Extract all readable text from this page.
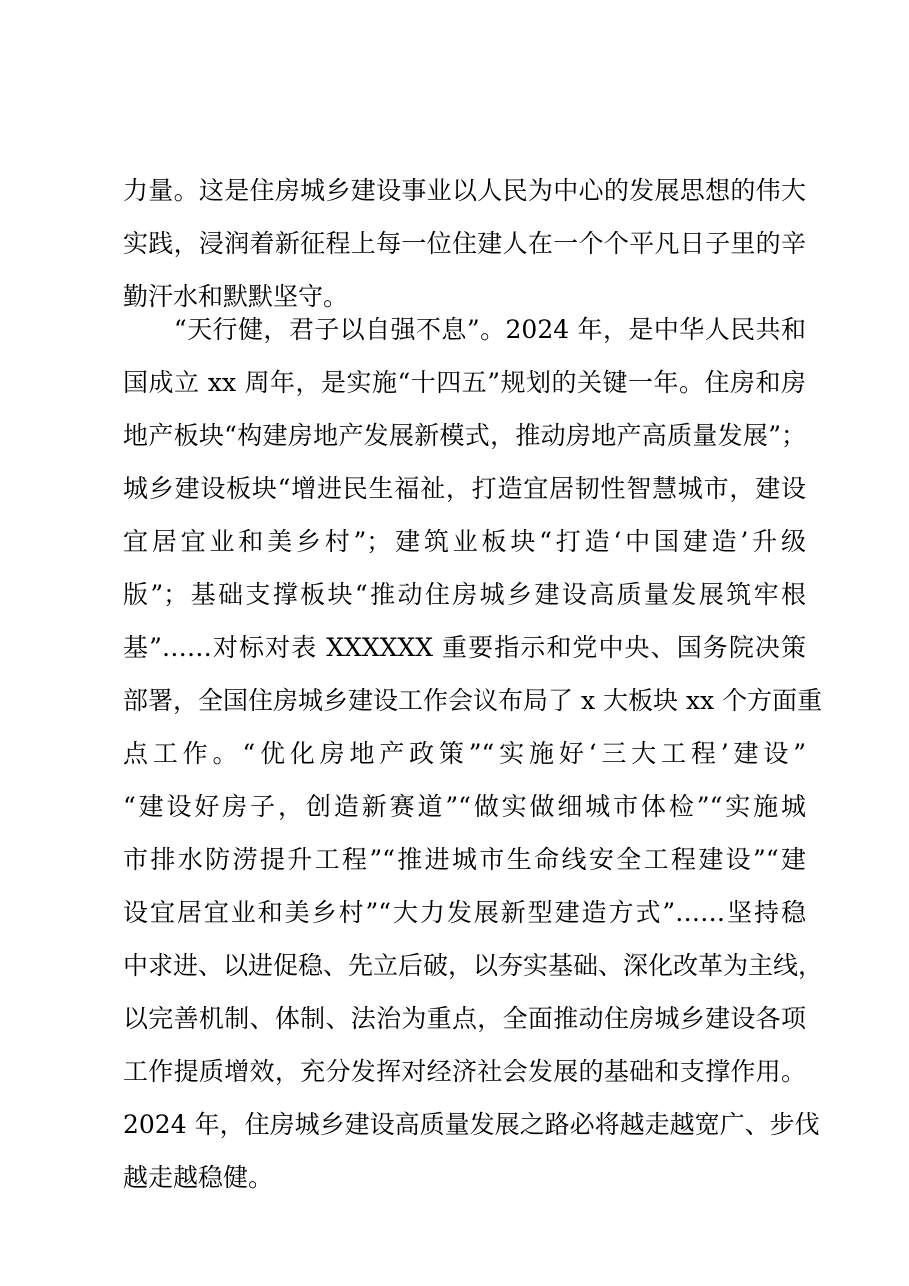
力量。这是住房城乡建设事业以人民为中心的发展思想的伟大
实践，浸润着新征程上每一位住建人在一个个平凡日子里的辛
勤汗水和默默坚守。
　　“天行健，君子以自强不息”。2024 年，是中华人民共和
国成立 xx 周年，是实施“十四五”规划的关键一年。住房和房
地产板块“构建房地产发展新模式，推动房地产高质量发展”；
城乡建设板块“增进民生福祉，打造宜居韧性智慧城市，建设
宜居宜业和美乡村”；建筑业板块“打造‘中国建造’升级
版”；基础支撑板块“推动住房城乡建设高质量发展筑牢根
基”……对标对表 XXXXXX 重要指示和党中央、国务院决策
部署，全国住房城乡建设工作会议布局了 x 大板块 xx 个方面重
点工作。“优化房地产政策”“实施好‘三大工程’建设”
“建设好房子，创造新赛道”“做实做细城市体检”“实施城
市排水防涝提升工程”“推进城市生命线安全工程建设”“建
设宜居宜业和美乡村”“大力发展新型建造方式”……坚持稳
中求进、以进促稳、先立后破，以夯实基础、深化改革为主线，
以完善机制、体制、法治为重点，全面推动住房城乡建设各项
工作提质增效，充分发挥对经济社会发展的基础和支撑作用。
2024 年，住房城乡建设高质量发展之路必将越走越宽广、步伐
越走越稳健。
